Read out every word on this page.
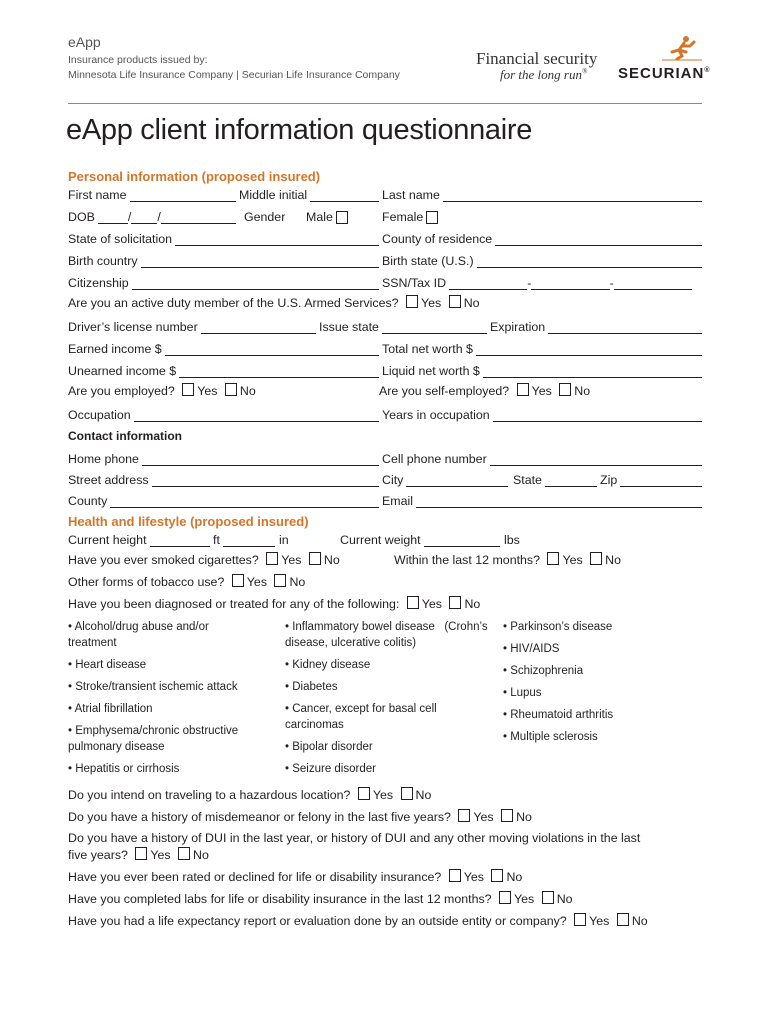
eApp
Insurance products issued by:
Minnesota Life Insurance Company | Securian Life Insurance Company
Financial security
for the long run® SECURIAN®
eApp client information questionnaire
Personal information (proposed insured)
First name	Middle initial	Last name
DOB	/ /	Gender Male	Female
State of solicitation	County of residence
Birth country	Birth state (U.S.)
Citizenship	SSN/Tax ID	-	-
Are you an active duty member of the U.S. Armed Services? Yes No
Driver’s license number	Issue state	Expiration
Earned income $	Total net worth $
Unearned income $	Liquid net worth $
Are you employed? Yes No	Are you self-employed? Yes No
Occupation	Years in occupation
Contact information
Home phone	Cell phone number
Street address	City	State	Zip
County	Email
Health and lifestyle (proposed insured)
Current height	ft	in	Current weight	lbs
Have you ever smoked cigarettes? Yes No	Within the last 12 months? Yes No
Other forms of tobacco use? Yes No
Have you been diagnosed or treated for any of the following: Yes No
• Alcohol/drug abuse and/or   treatment
• Heart disease
• Stroke/transient ischemic attack
• Atrial fibrillation
• Emphysema/chronic obstructive   pulmonary disease
• Hepatitis or cirrhosis
• Inflammatory bowel disease   (Crohn’s disease, ulcerative colitis)
• Kidney disease
• Diabetes
• Cancer, except for basal cell   carcinomas
• Bipolar disorder
• Seizure disorder
• Parkinson’s disease
• HIV/AIDS
• Schizophrenia
• Lupus
• Rheumatoid arthritis
• Multiple sclerosis
Do you intend on traveling to a hazardous location? Yes No
Do you have a history of misdemeanor or felony in the last five years? Yes No
Do you have a history of DUI in the last year, or history of DUI and any other moving violations in the last
five years? Yes No
Have you ever been rated or declined for life or disability insurance? Yes No
Have you completed labs for life or disability insurance in the last 12 months? Yes No
Have you had a life expectancy report or evaluation done by an outside entity or company? Yes No
